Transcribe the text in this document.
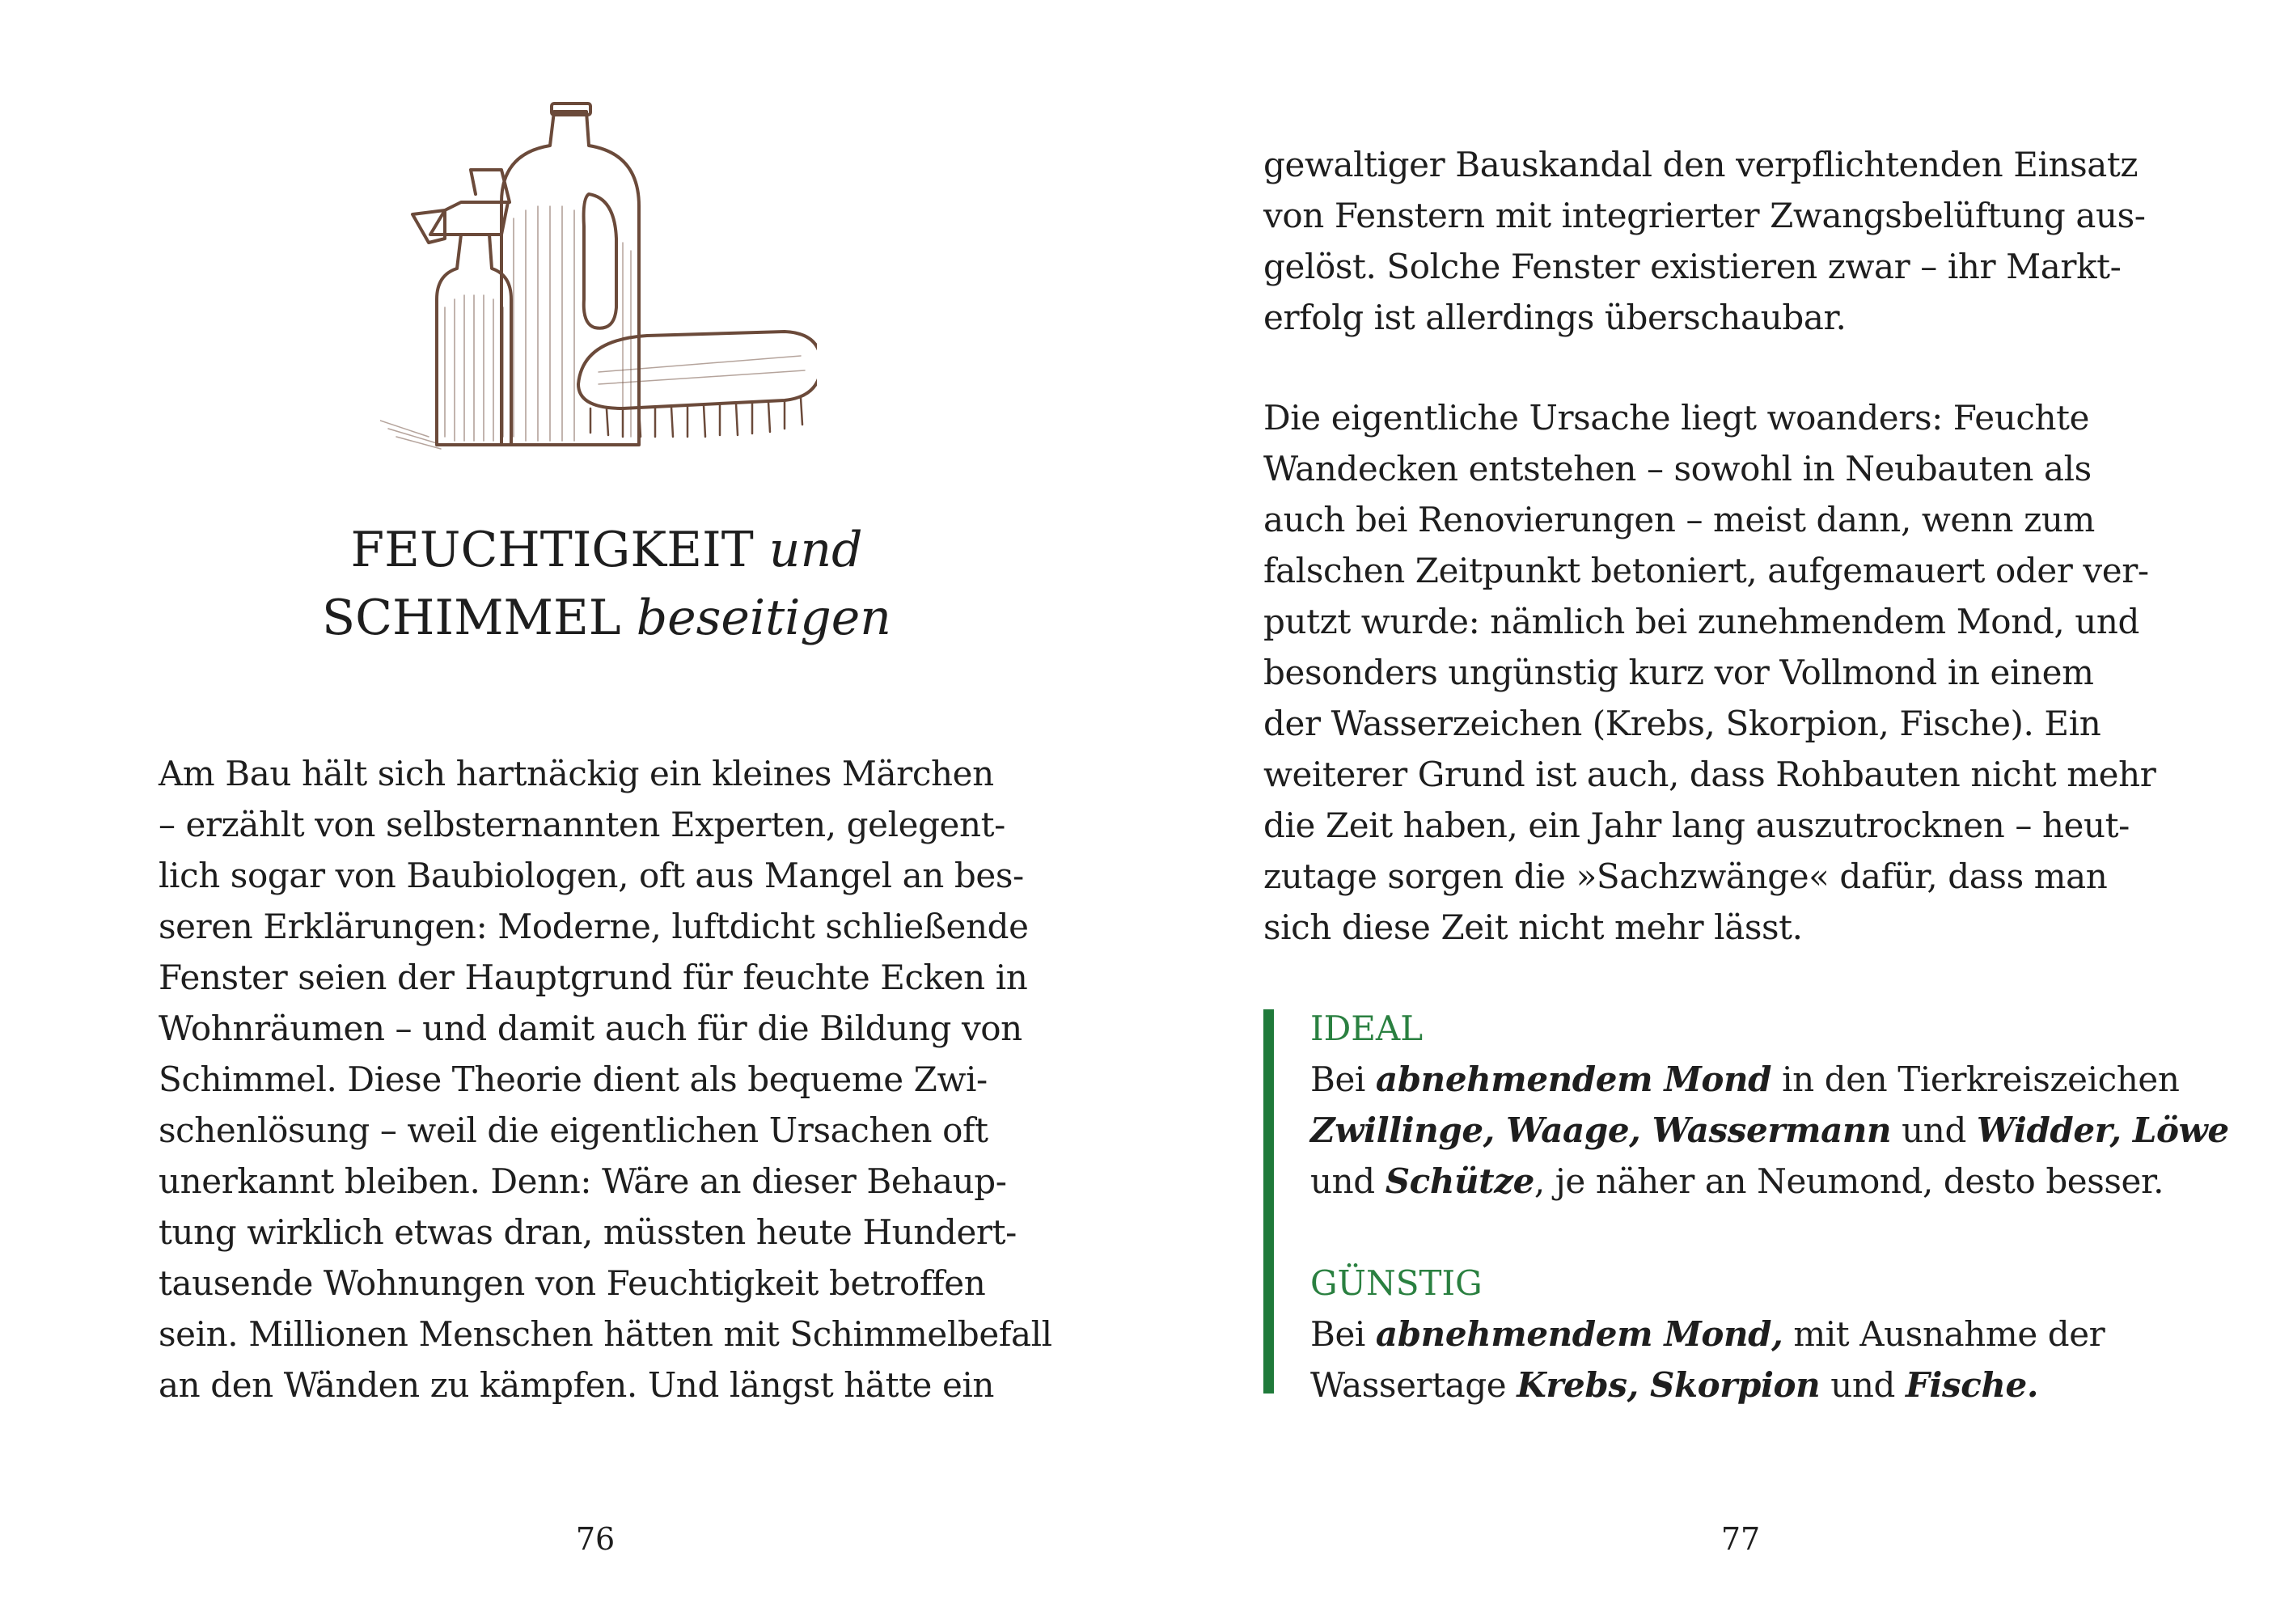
FEUCHTIGKEIT und
SCHIMMEL beseitigen

Am Bau hält sich hartnäckig ein kleines Märchen
– erzählt von selbsternannten Experten, gelegent-
lich sogar von Baubiologen, oft aus Mangel an bes-
seren Erklärungen: Moderne, luftdicht schließende
Fenster seien der Hauptgrund für feuchte Ecken in
Wohnräumen – und damit auch für die Bildung von
Schimmel. Diese Theorie dient als bequeme Zwi-
schenlösung – weil die eigentlichen Ursachen oft
unerkannt bleiben. Denn: Wäre an dieser Behaup-
tung wirklich etwas dran, müssten heute Hundert-
tausende Wohnungen von Feuchtigkeit betroffen
sein. Millionen Menschen hätten mit Schimmelbefall
an den Wänden zu kämpfen. Und längst hätte ein

76

gewaltiger Bauskandal den verpflichtenden Einsatz
von Fenstern mit integrierter Zwangsbelüftung aus-
gelöst. Solche Fenster existieren zwar – ihr Markt-
erfolg ist allerdings überschaubar.

Die eigentliche Ursache liegt woanders: Feuchte
Wandecken entstehen – sowohl in Neubauten als
auch bei Renovierungen – meist dann, wenn zum
falschen Zeitpunkt betoniert, aufgemauert oder ver-
putzt wurde: nämlich bei zunehmendem Mond, und
besonders ungünstig kurz vor Vollmond in einem
der Wasserzeichen (Krebs, Skorpion, Fische). Ein
weiterer Grund ist auch, dass Rohbauten nicht mehr
die Zeit haben, ein Jahr lang auszutrocknen – heut-
zutage sorgen die »Sachzwänge« dafür, dass man
sich diese Zeit nicht mehr lässt.

IDEAL
Bei abnehmendem Mond in den Tierkreiszeichen
Zwillinge, Waage, Wassermann und Widder, Löwe
und Schütze, je näher an Neumond, desto besser.
GÜNSTIG
Bei abnehmendem Mond, mit Ausnahme der
Wassertage Krebs, Skorpion und Fische.
77
